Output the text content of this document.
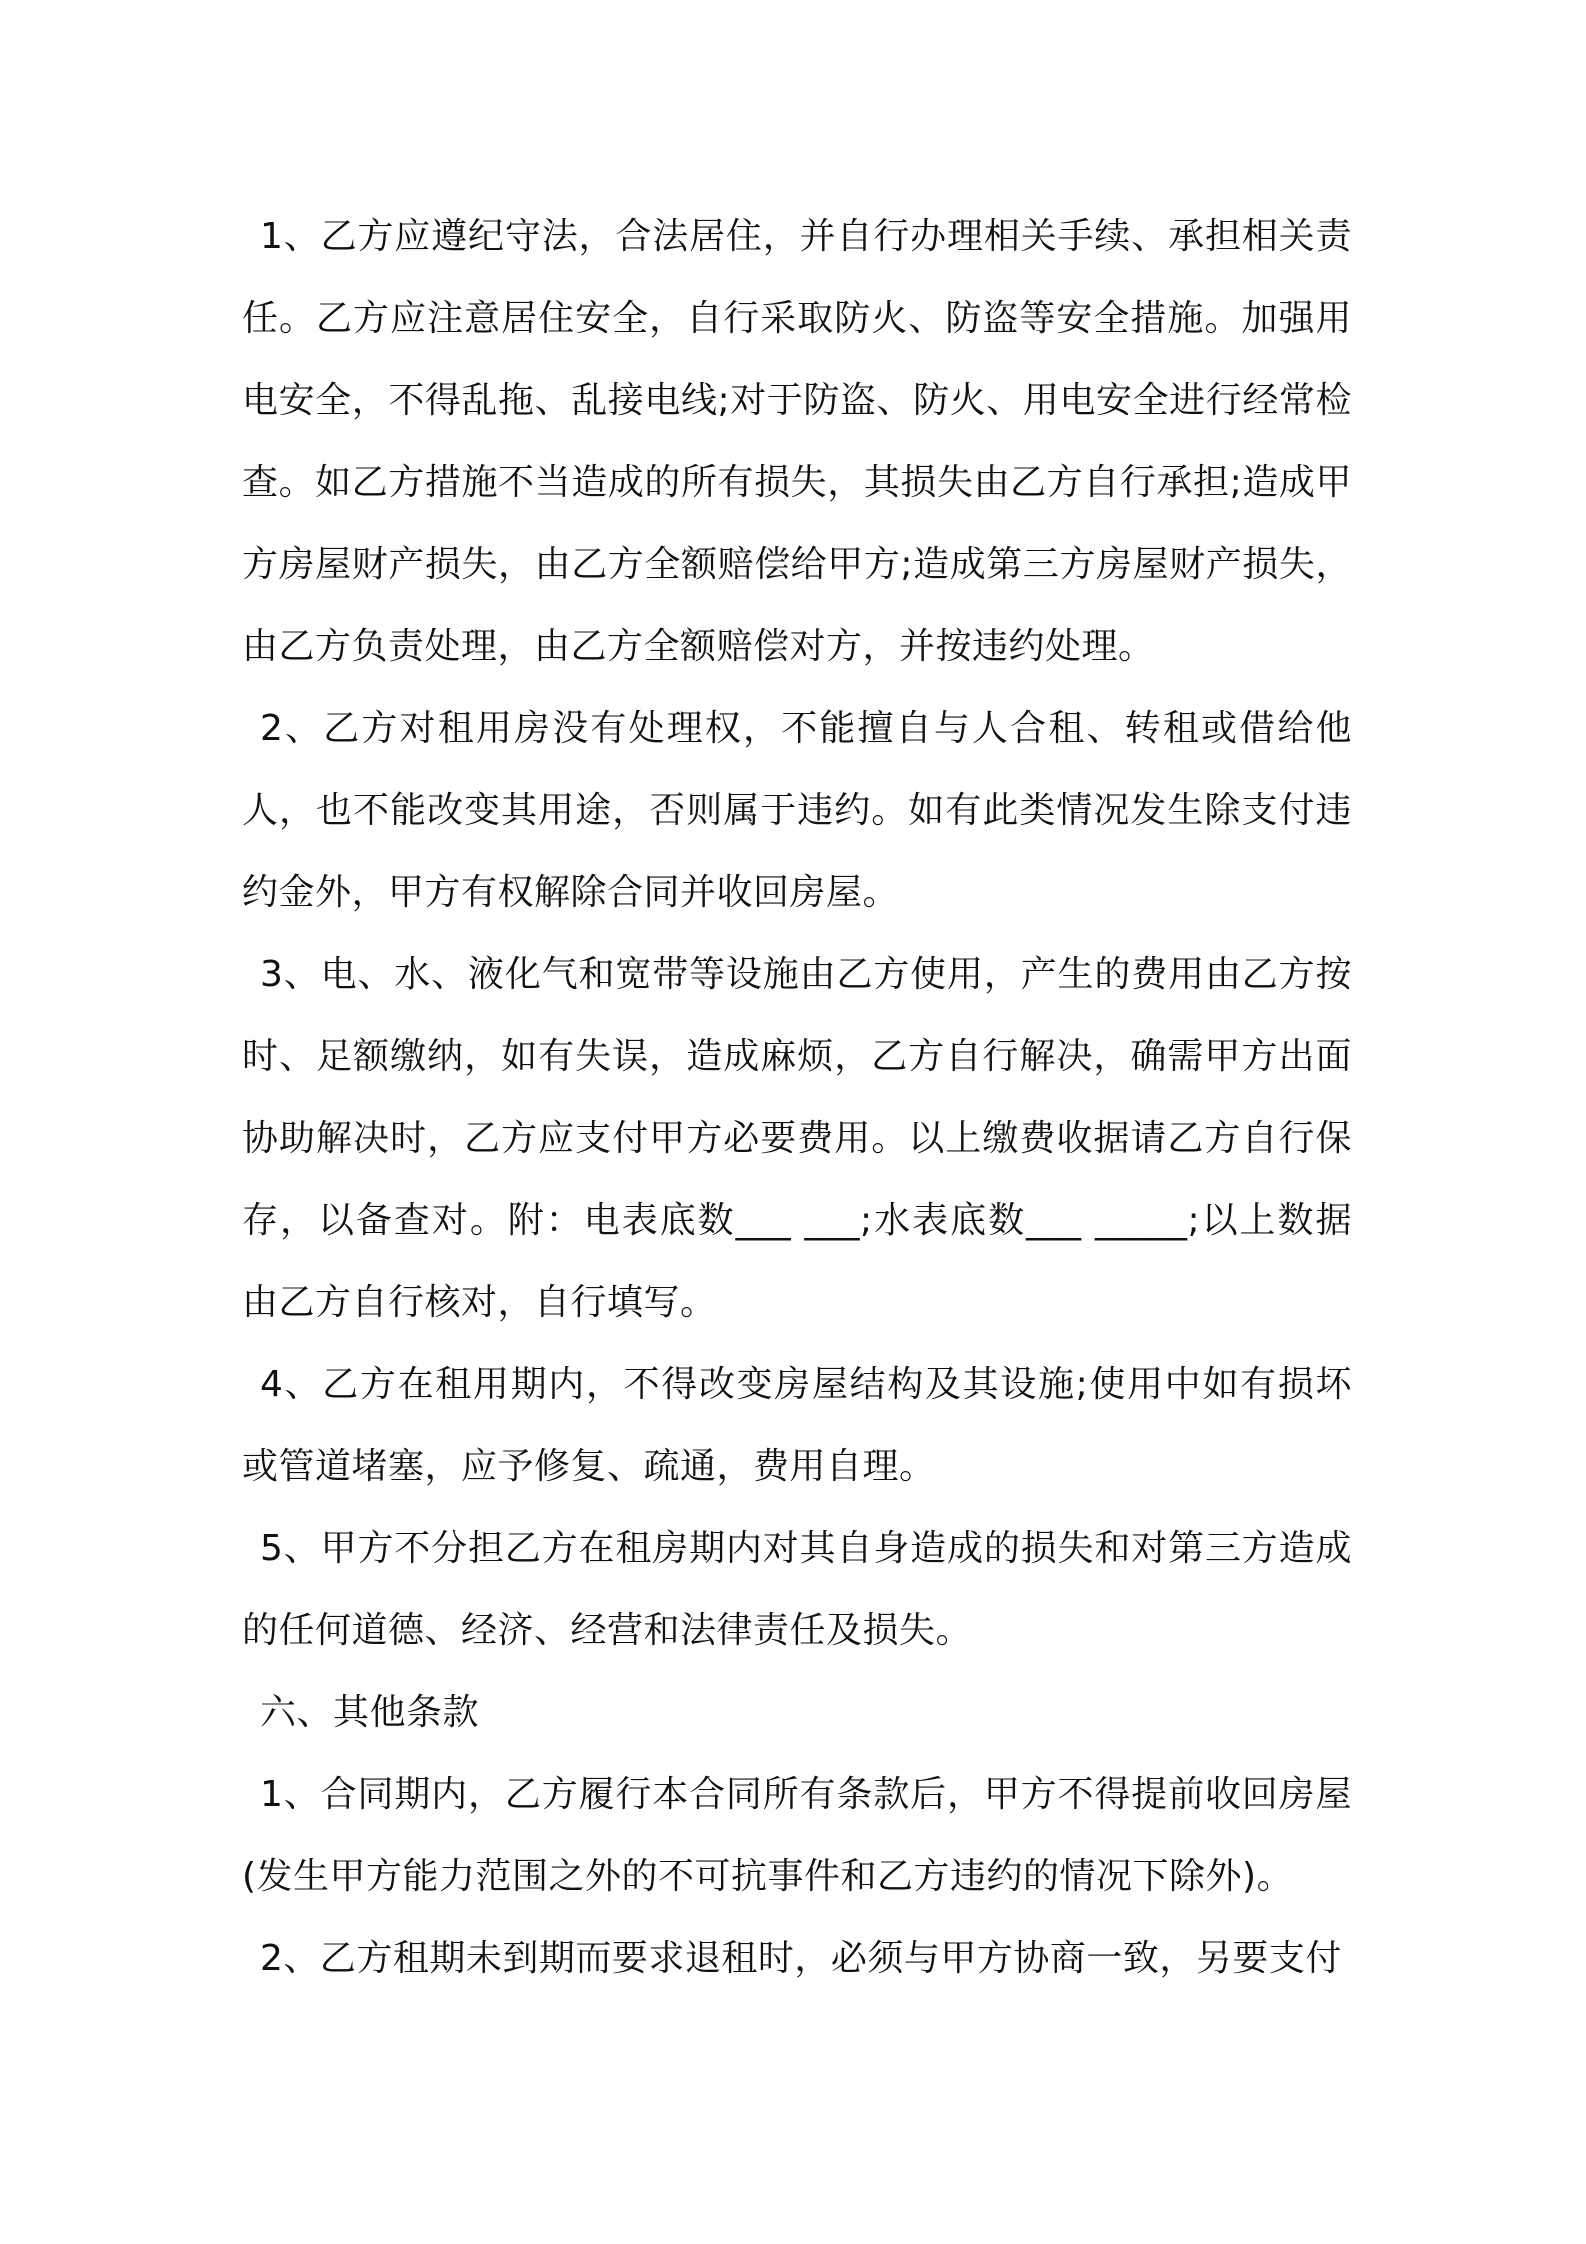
1、乙方应遵纪守法，合法居住，并自行办理相关手续、承担相关责任。乙方应注意居住安全，自行采取防火、防盗等安全措施。加强用电安全，不得乱拖、乱接电线;对于防盗、防火、用电安全进行经常检查。如乙方措施不当造成的所有损失，其损失由乙方自行承担;造成甲方房屋财产损失，由乙方全额赔偿给甲方;造成第三方房屋财产损失，由乙方负责处理，由乙方全额赔偿对方，并按违约处理。

2、乙方对租用房没有处理权，不能擅自与人合租、转租或借给他人，也不能改变其用途，否则属于违约。如有此类情况发生除支付违约金外，甲方有权解除合同并收回房屋。

3、电、水、液化气和宽带等设施由乙方使用，产生的费用由乙方按时、足额缴纳，如有失误，造成麻烦，乙方自行解决，确需甲方出面协助解决时，乙方应支付甲方必要费用。以上缴费收据请乙方自行保存，以备查对。附：电表底数___ ___;水表底数___ _____;以上数据由乙方自行核对，自行填写。

4、乙方在租用期内，不得改变房屋结构及其设施;使用中如有损坏或管道堵塞，应予修复、疏通，费用自理。

5、甲方不分担乙方在租房期内对其自身造成的损失和对第三方造成的任何道德、经济、经营和法律责任及损失。

六、其他条款

1、合同期内，乙方履行本合同所有条款后，甲方不得提前收回房屋(发生甲方能力范围之外的不可抗事件和乙方违约的情况下除外)。

2、乙方租期未到期而要求退租时，必须与甲方协商一致，另要支付
